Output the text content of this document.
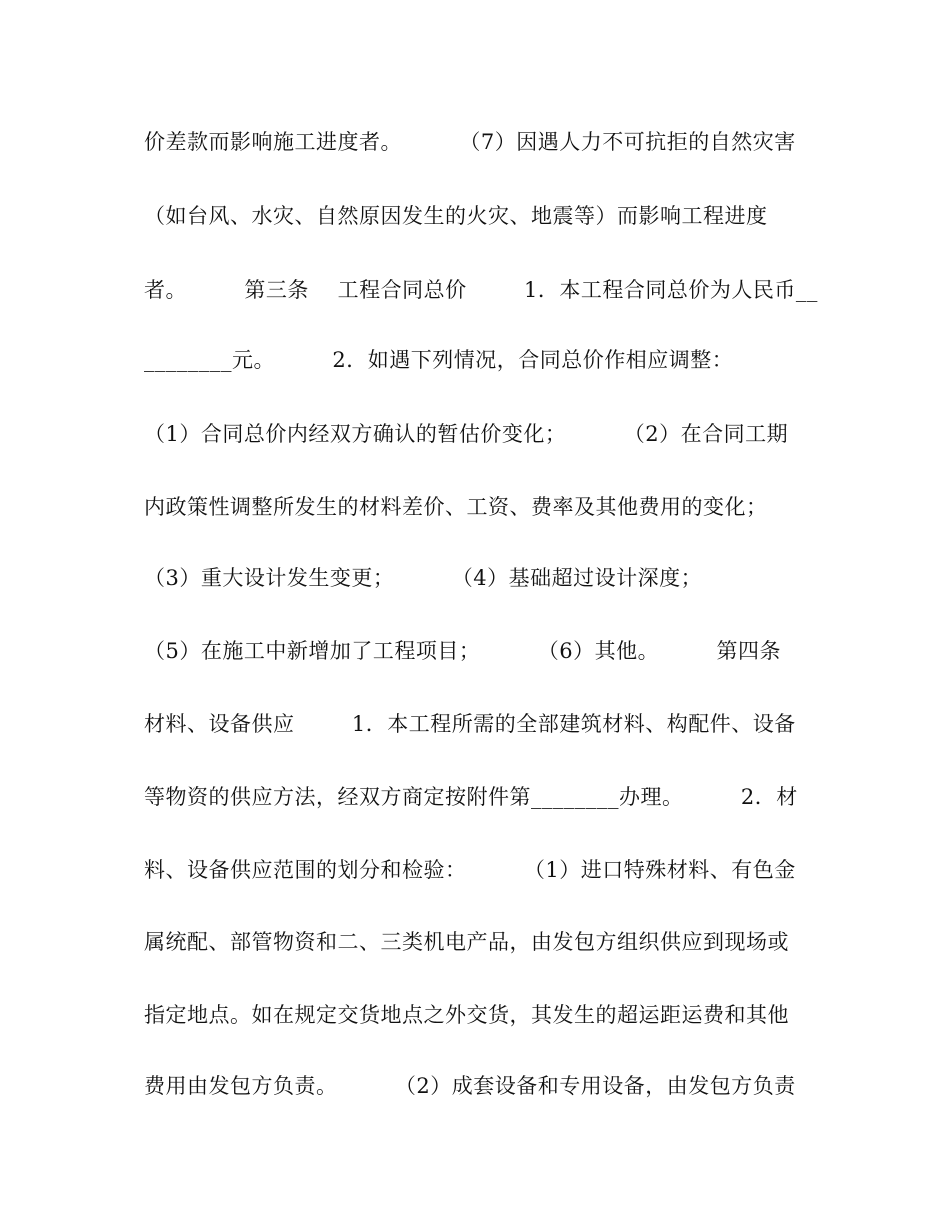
价差款而影响施工进度者。        （7）因遇人力不可抗拒的自然灾害
（如台风、水灾、自然原因发生的火灾、地震等）而影响工程进度
者。        第三条    工程合同总价        1．本工程合同总价为人民币__
________元。        2．如遇下列情况，合同总价作相应调整：
（1）合同总价内经双方确认的暂估价变化；        （2）在合同工期
内政策性调整所发生的材料差价、工资、费率及其他费用的变化；
（3）重大设计发生变更；        （4）基础超过设计深度；
（5）在施工中新增加了工程项目；        （6）其他。        第四条
材料、设备供应        1．本工程所需的全部建筑材料、构配件、设备
等物资的供应方法，经双方商定按附件第________办理。        2．材
料、设备供应范围的划分和检验：        （1）进口特殊材料、有色金
属统配、部管物资和二、三类机电产品，由发包方组织供应到现场或
指定地点。如在规定交货地点之外交货，其发生的超运距运费和其他
费用由发包方负责。        （2）成套设备和专用设备，由发包方负责
